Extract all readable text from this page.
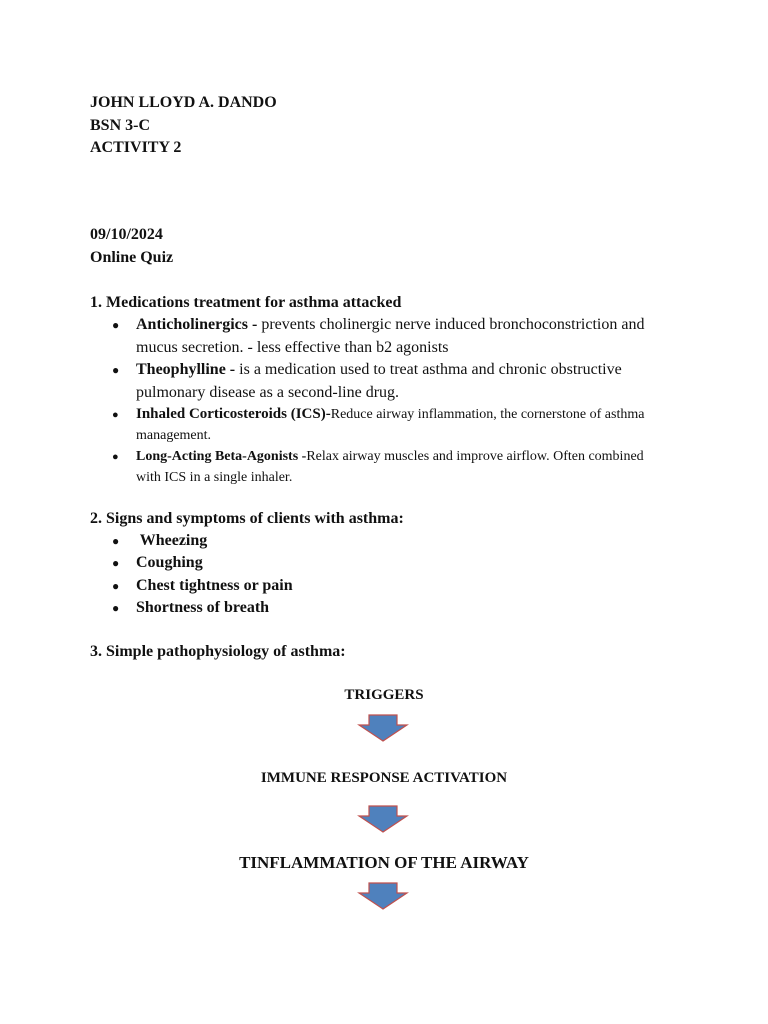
JOHN LLOYD A. DANDO
BSN 3-C
ACTIVITY 2
09/10/2024
Online Quiz
1. Medications treatment for asthma attacked
● Anticholinergics - prevents cholinergic nerve induced bronchoconstriction and mucus secretion. - less effective than b2 agonists
● Theophylline - is a medication used to treat asthma and chronic obstructive pulmonary disease as a second-line drug.
● Inhaled Corticosteroids (ICS)-Reduce airway inflammation, the cornerstone of asthma management.
● Long-Acting Beta-Agonists -Relax airway muscles and improve airflow. Often combined with ICS in a single inhaler.
2. Signs and symptoms of clients with asthma:
● Wheezing
● Coughing
● Chest tightness or pain
● Shortness of breath
3. Simple pathophysiology of asthma:
TRIGGERS
IMMUNE RESPONSE ACTIVATION
TINFLAMMATION OF THE AIRWAY
